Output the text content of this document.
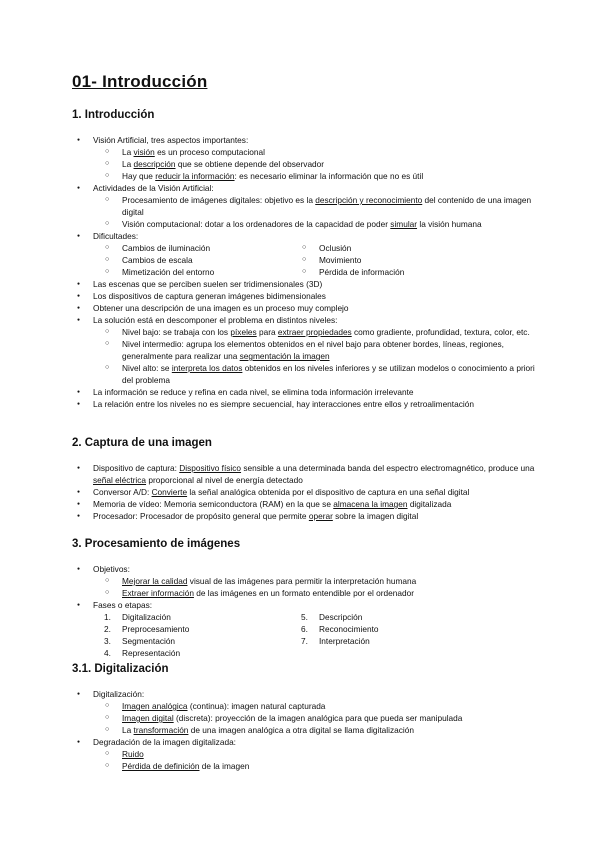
01- Introducción
1. Introducción
● Visión Artificial, tres aspectos importantes:
○ La visión es un proceso computacional
○ La descripción que se obtiene depende del observador
○ Hay que reducir la información: es necesario eliminar la información que no es útil
● Actividades de la Visión Artificial:
○ Procesamiento de imágenes digitales: objetivo es la descripción y reconocimiento del contenido de una imagen digital
○ Visión computacional: dotar a los ordenadores de la capacidad de poder simular la visión humana
● Dificultades:
○ Cambios de iluminación
○ Cambios de escala
○ Mimetización del entorno
○ Oclusión
○ Movimiento
○ Pérdida de información
● Las escenas que se perciben suelen ser tridimensionales (3D)
● Los dispositivos de captura generan imágenes bidimensionales
● Obtener una descripción de una imagen es un proceso muy complejo
● La solución está en descomponer el problema en distintos niveles:
○ Nivel bajo: se trabaja con los píxeles para extraer propiedades como gradiente, profundidad, textura, color, etc.
○ Nivel intermedio: agrupa los elementos obtenidos en el nivel bajo para obtener bordes, líneas, regiones, generalmente para realizar una segmentación la imagen
○ Nivel alto: se interpreta los datos obtenidos en los niveles inferiores y se utilizan modelos o conocimiento a priori del problema
● La información se reduce y refina en cada nivel, se elimina toda información irrelevante
● La relación entre los niveles no es siempre secuencial, hay interacciones entre ellos y retroalimentación
2. Captura de una imagen
● Dispositivo de captura: Dispositivo físico sensible a una determinada banda del espectro electromagnético, produce una señal eléctrica proporcional al nivel de energía detectado
● Conversor A/D: Convierte la señal analógica obtenida por el dispositivo de captura en una señal digital
● Memoria de vídeo: Memoria semiconductora (RAM) en la que se almacena la imagen digitalizada
● Procesador: Procesador de propósito general que permite operar sobre la imagen digital
3. Procesamiento de imágenes
● Objetivos:
○ Mejorar la calidad visual de las imágenes para permitir la interpretación humana
○ Extraer información de las imágenes en un formato entendible por el ordenador
● Fases o etapas:
1. Digitalización
2. Preprocesamiento
3. Segmentación
4. Representación
5. Descripción
6. Reconocimiento
7. Interpretación
3.1. Digitalización
● Digitalización:
○ Imagen analógica (continua): imagen natural capturada
○ Imagen digital (discreta): proyección de la imagen analógica para que pueda ser manipulada
○ La transformación de una imagen analógica a otra digital se llama digitalización
● Degradación de la imagen digitalizada:
○ Ruido
○ Pérdida de definición de la imagen
